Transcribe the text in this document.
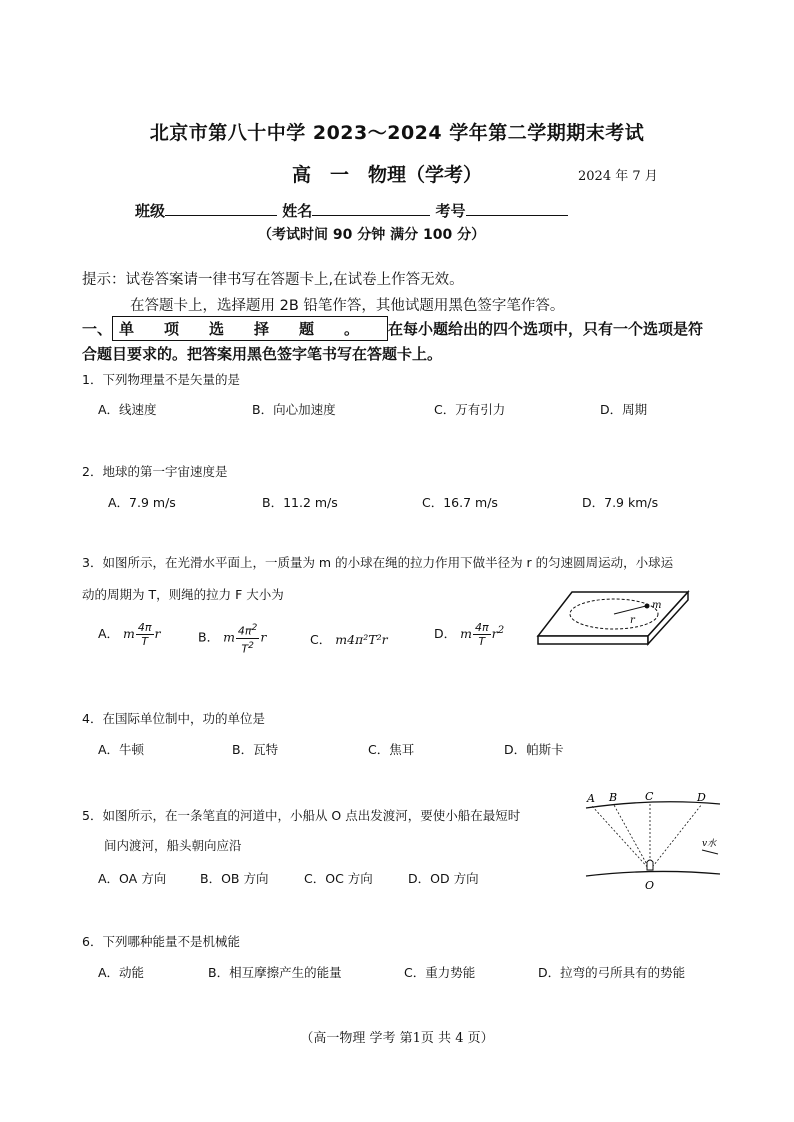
北京市第八十中学 2023～2024 学年第二学期期末考试
高　一　物理（学考）	2024 年 7 月
班级	姓名	考号
（考试时间 90 分钟 满分 100 分）
提示：试卷答案请一律书写在答题卡上,在试卷上作答无效。
在答题卡上，选择题用 2B 铅笔作答，其他试题用黑色签字笔作答。
一、 单　　项　　选　　择　　题　　。 在每小题给出的四个选项中，只有一个选项是符
合题目要求的。把答案用黑色签字笔书写在答题卡上。
1．下列物理量不是矢量的是
A．线速度	B．向心加速度	C．万有引力	D．周期
2．地球的第一宇宙速度是
A．7.9 m/s	B．11.2 m/s	C．16.7 m/s	D．7.9 km/s
3．如图所示，在光滑水平面上，一质量为 m 的小球在绳的拉力作用下做半径为 r 的匀速圆周运动，小球运
动的周期为 T，则绳的拉力 F 大小为
A． m $\frac{4\pi}{T}$ r	B． m $\frac{4\pi^2}{T^2}$ r	C． m4π²T²r	D． m $\frac{4\pi}{T} r^2$
m
r
4．在国际单位制中，功的单位是
A．牛顿	B．瓦特	C．焦耳	D．帕斯卡
5．如图所示，在一条笔直的河道中，小船从 O 点出发渡河，要使小船在最短时
间内渡河，船头朝向应沿
A．OA 方向	B．OB 方向	C．OC 方向	D．OD 方向
A B	C	D
O
v水
6．下列哪种能量不是机械能
A．动能	B．相互摩擦产生的能量	C．重力势能	D．拉弯的弓所具有的势能
（高一物理 学考 第1页 共 4 页）
